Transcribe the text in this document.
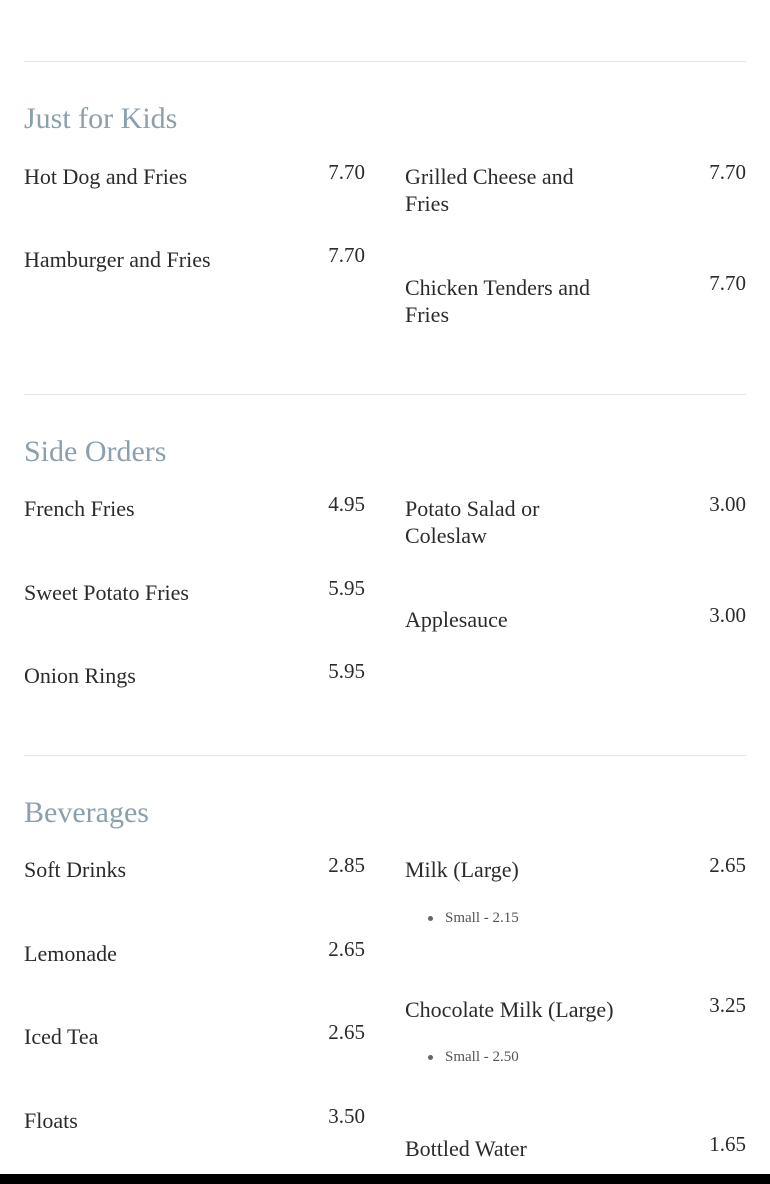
Just for Kids
Hot Dog and Fries	7.70
Hamburger and Fries	7.70
Grilled Cheese and Fries
7.70
Chicken Tenders and Fries
7.70
Side Orders
French Fries	4.95
Sweet Potato Fries	5.95
Onion Rings	5.95
Potato Salad or Coleslaw
3.00
Applesauce	3.00
Beverages
Soft Drinks	2.85
Lemonade	2.65
Iced Tea	2.65
Floats	3.50
Milk (Large)	2.65
Small - 2.15
Chocolate Milk (Large)	3.25
Small - 2.50
Bottled Water	1.65
